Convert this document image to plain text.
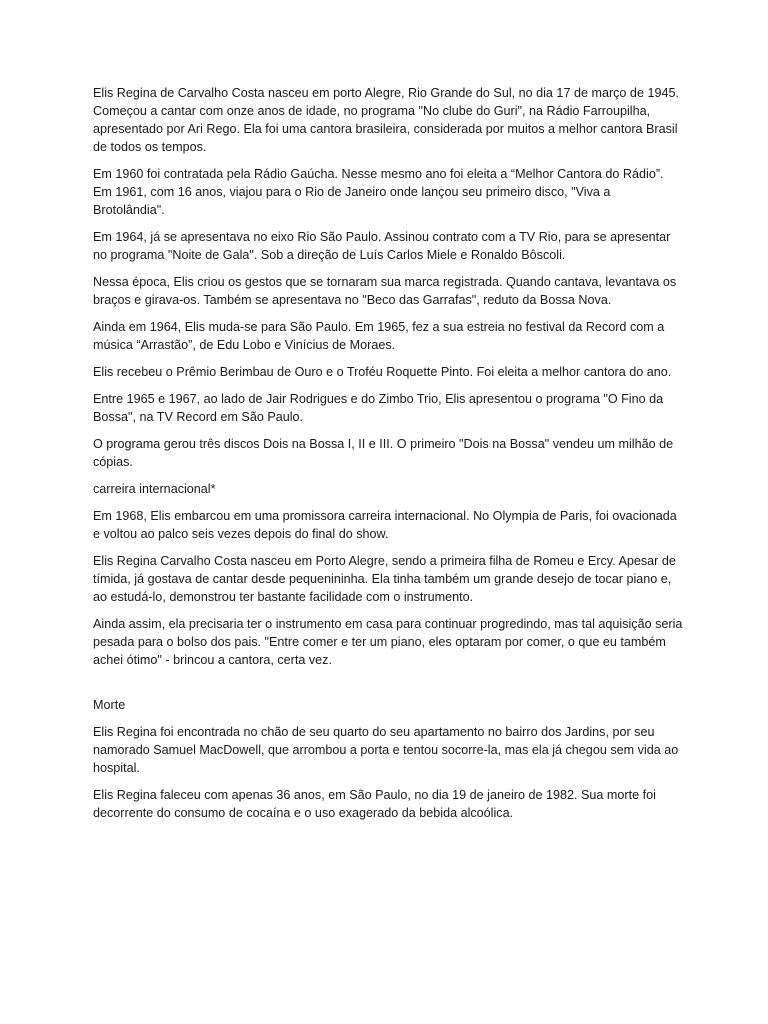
Elis Regina de Carvalho Costa nasceu em porto Alegre, Rio Grande do Sul, no dia 17 de março de 1945. Começou a cantar com onze anos de idade, no programa "No clube do Guri", na Rádio Farroupilha, apresentado por Ari Rego. Ela foi uma cantora brasileira, considerada por muitos a melhor cantora Brasil de todos os tempos.

Em 1960 foi contratada pela Rádio Gaúcha. Nesse mesmo ano foi eleita a “Melhor Cantora do Rádio”. Em 1961, com 16 anos, viajou para o Rio de Janeiro onde lançou seu primeiro disco, "Viva a Brotolândia".

Em 1964, já se apresentava no eixo Rio São Paulo. Assinou contrato com a TV Rio, para se apresentar no programa "Noite de Gala". Sob a direção de Luís Carlos Miele e Ronaldo Bôscoli.

Nessa época, Elis criou os gestos que se tornaram sua marca registrada. Quando cantava, levantava os braços e girava-os. Também se apresentava no "Beco das Garrafas", reduto da Bossa Nova.

Ainda em 1964, Elis muda-se para São Paulo. Em 1965, fez a sua estreia no festival da Record com a música “Arrastão”, de Edu Lobo e Vinícius de Moraes.

Elis recebeu o Prêmio Berimbau de Ouro e o Troféu Roquette Pinto. Foi eleita a melhor cantora do ano.

Entre 1965 e 1967, ao lado de Jair Rodrigues e do Zimbo Trio, Elis apresentou o programa "O Fino da Bossa", na TV Record em São Paulo.

O programa gerou três discos Dois na Bossa I, II e III. O primeiro "Dois na Bossa" vendeu um milhão de cópias.

carreira internacional*

Em 1968, Elis embarcou em uma promissora carreira internacional. No Olympia de Paris, foi ovacionada e voltou ao palco seis vezes depois do final do show.

Elis Regina Carvalho Costa nasceu em Porto Alegre, sendo a primeira filha de Romeu e Ercy. Apesar de tímida, já gostava de cantar desde pequenininha. Ela tinha também um grande desejo de tocar piano e, ao estudá-lo, demonstrou ter bastante facilidade com o instrumento.

Ainda assim, ela precisaria ter o instrumento em casa para continuar progredindo, mas tal aquisição seria pesada para o bolso dos pais. "Entre comer e ter um piano, eles optaram por comer, o que eu também achei ótimo" - brincou a cantora, certa vez.

Morte

Elis Regina foi encontrada no chão de seu quarto do seu apartamento no bairro dos Jardins, por seu namorado Samuel MacDowell, que arrombou a porta e tentou socorre-la, mas ela já chegou sem vida ao hospital.

Elis Regina faleceu com apenas 36 anos, em São Paulo, no dia 19 de janeiro de 1982. Sua morte foi decorrente do consumo de cocaína e o uso exagerado da bebida alcoólica.
